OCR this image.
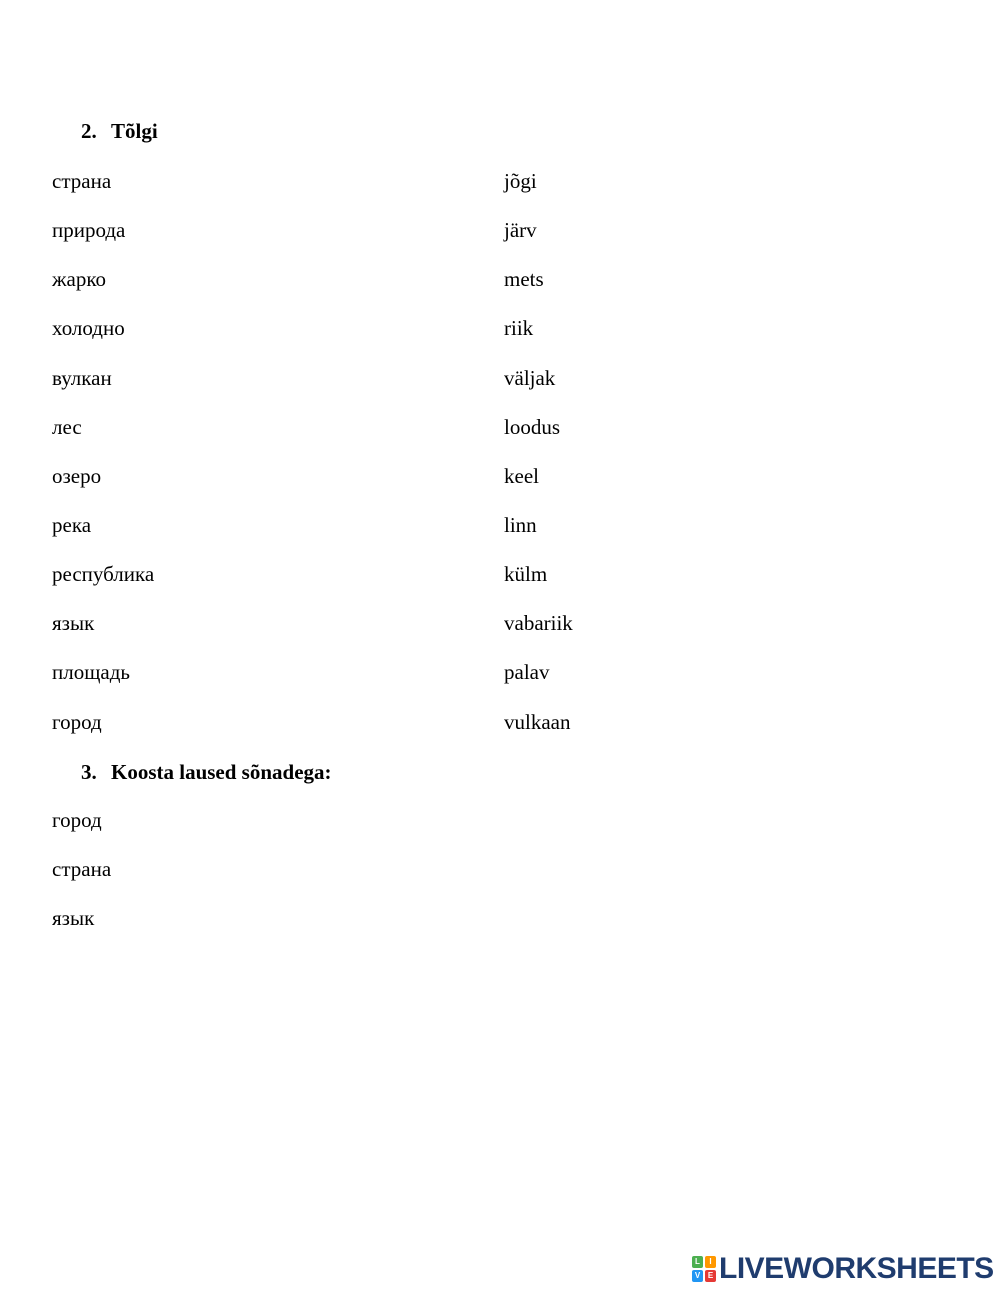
2. Tõlgi
страна
природа
жарко
холодно
вулкан
лес
озеро
река
республика
язык
площадь
город
jõgi
järv
mets
riik
väljak
loodus
keel
linn
külm
vabariik
palav
vulkaan
3. Koosta laused sõnadega:
город
страна
язык
L	I
V E LIVEWORKSHEETS
